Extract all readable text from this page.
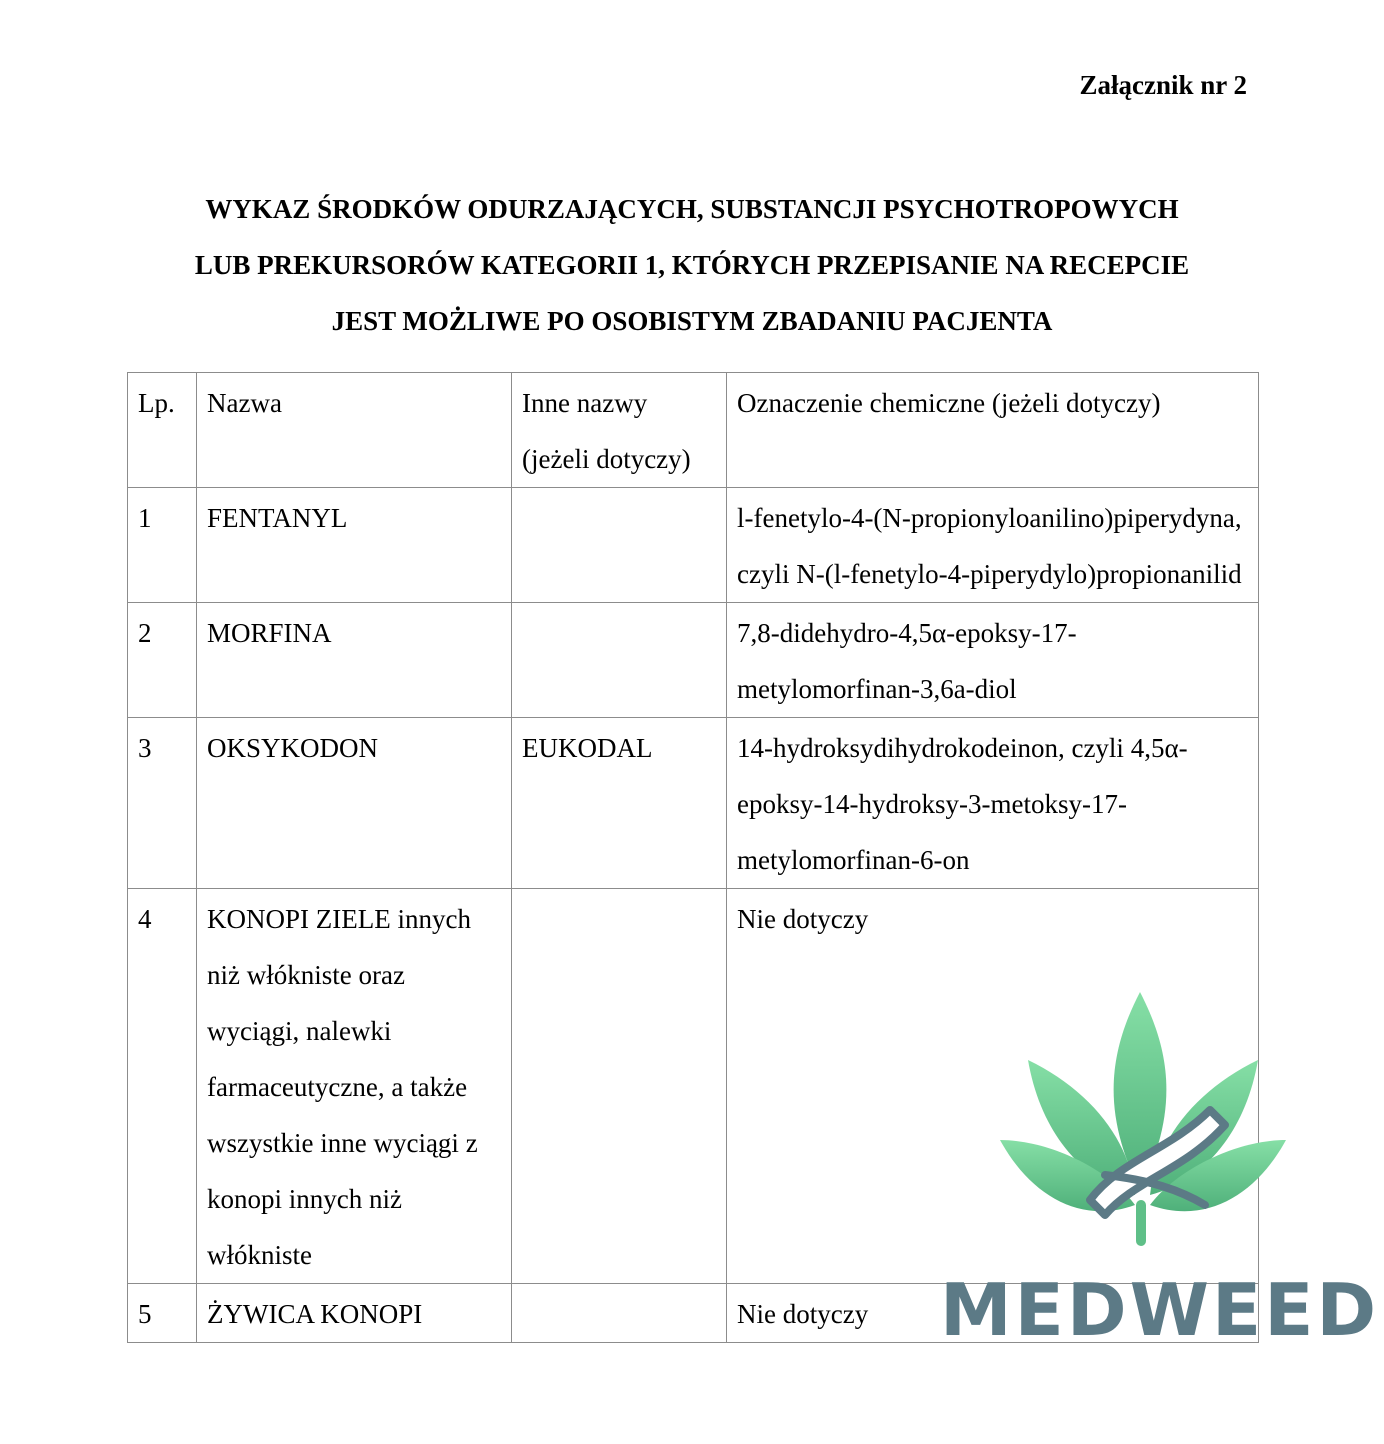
Załącznik nr 2
WYKAZ ŚRODKÓW ODURZAJĄCYCH, SUBSTANCJI PSYCHOTROPOWYCH
LUB PREKURSORÓW KATEGORII 1, KTÓRYCH PRZEPISANIE NA RECEPCIE
JEST MOŻLIWE PO OSOBISTYM ZBADANIU PACJENTA
Lp.	Nazwa	Inne nazwy (jeżeli dotyczy)	Oznaczenie chemiczne (jeżeli dotyczy)

1	FENTANYL		l-fenetylo-4-(N-propionyloanilino)piperydyna, czyli N-(l-fenetylo-4-piperydylo)propionanilid

2	MORFINA		7,8-didehydro-4,5α-epoksy-17-metylomorfinan-3,6a-diol

3	OKSYKODON	EUKODAL	14-hydroksydihydrokodeinon, czyli 4,5α-epoksy-14-hydroksy-3-metoksy-17-metylomorfinan-6-on

4	KONOPI ZIELE innych niż włókniste oraz wyciągi, nalewki farmaceutyczne, a także wszystkie inne wyciągi z konopi innych niż włókniste		Nie dotyczy

5	ŻYWICA KONOPI		Nie dotyczy MEDWEED
